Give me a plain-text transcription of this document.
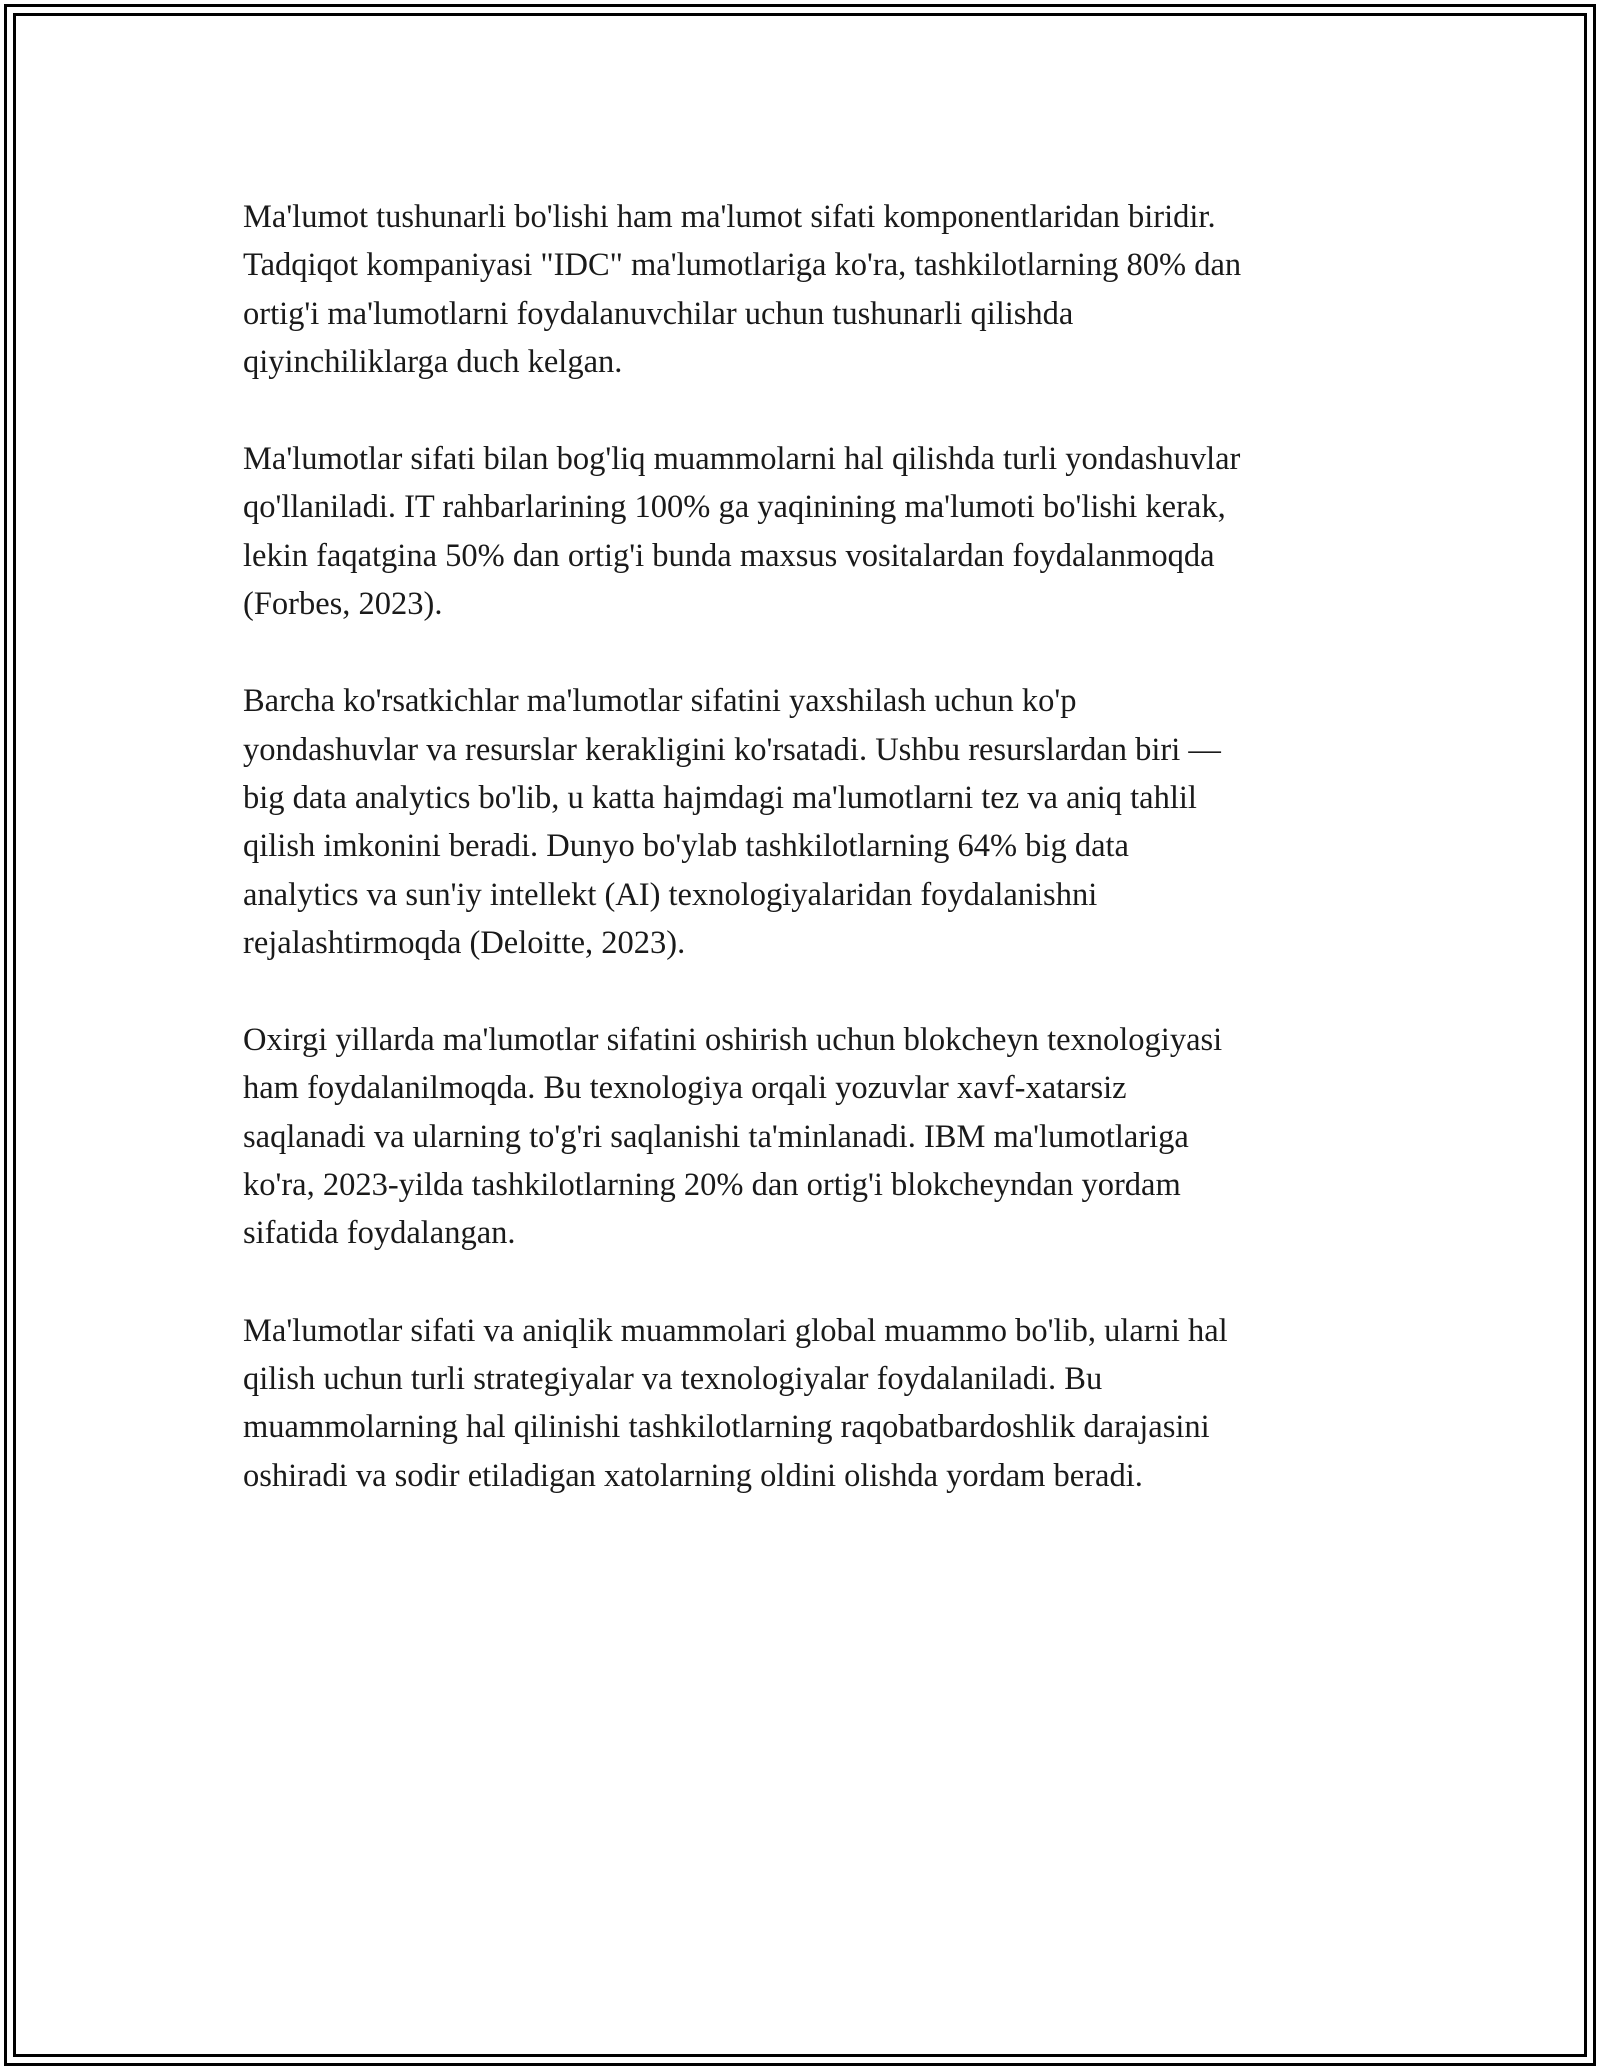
Ma'lumot tushunarli bo'lishi ham ma'lumot sifati komponentlaridan biridir.
Tadqiqot kompaniyasi "IDC" ma'lumotlariga ko'ra, tashkilotlarning 80% dan
ortig'i ma'lumotlarni foydalanuvchilar uchun tushunarli qilishda
qiyinchiliklarga duch kelgan.

Ma'lumotlar sifati bilan bog'liq muammolarni hal qilishda turli yondashuvlar
qo'llaniladi. IT rahbarlarining 100% ga yaqinining ma'lumoti bo'lishi kerak,
lekin faqatgina 50% dan ortig'i bunda maxsus vositalardan foydalanmoqda
(Forbes, 2023).

Barcha ko'rsatkichlar ma'lumotlar sifatini yaxshilash uchun ko'p
yondashuvlar va resurslar kerakligini ko'rsatadi. Ushbu resurslardan biri —
big data analytics bo'lib, u katta hajmdagi ma'lumotlarni tez va aniq tahlil
qilish imkonini beradi. Dunyo bo'ylab tashkilotlarning 64% big data
analytics va sun'iy intellekt (AI) texnologiyalaridan foydalanishni
rejalashtirmoqda (Deloitte, 2023).

Oxirgi yillarda ma'lumotlar sifatini oshirish uchun blokcheyn texnologiyasi
ham foydalanilmoqda. Bu texnologiya orqali yozuvlar xavf-xatarsiz
saqlanadi va ularning to'g'ri saqlanishi ta'minlanadi. IBM ma'lumotlariga
ko'ra, 2023-yilda tashkilotlarning 20% dan ortig'i blokcheyndan yordam
sifatida foydalangan.

Ma'lumotlar sifati va aniqlik muammolari global muammo bo'lib, ularni hal
qilish uchun turli strategiyalar va texnologiyalar foydalaniladi. Bu
muammolarning hal qilinishi tashkilotlarning raqobatbardoshlik darajasini
oshiradi va sodir etiladigan xatolarning oldini olishda yordam beradi.
